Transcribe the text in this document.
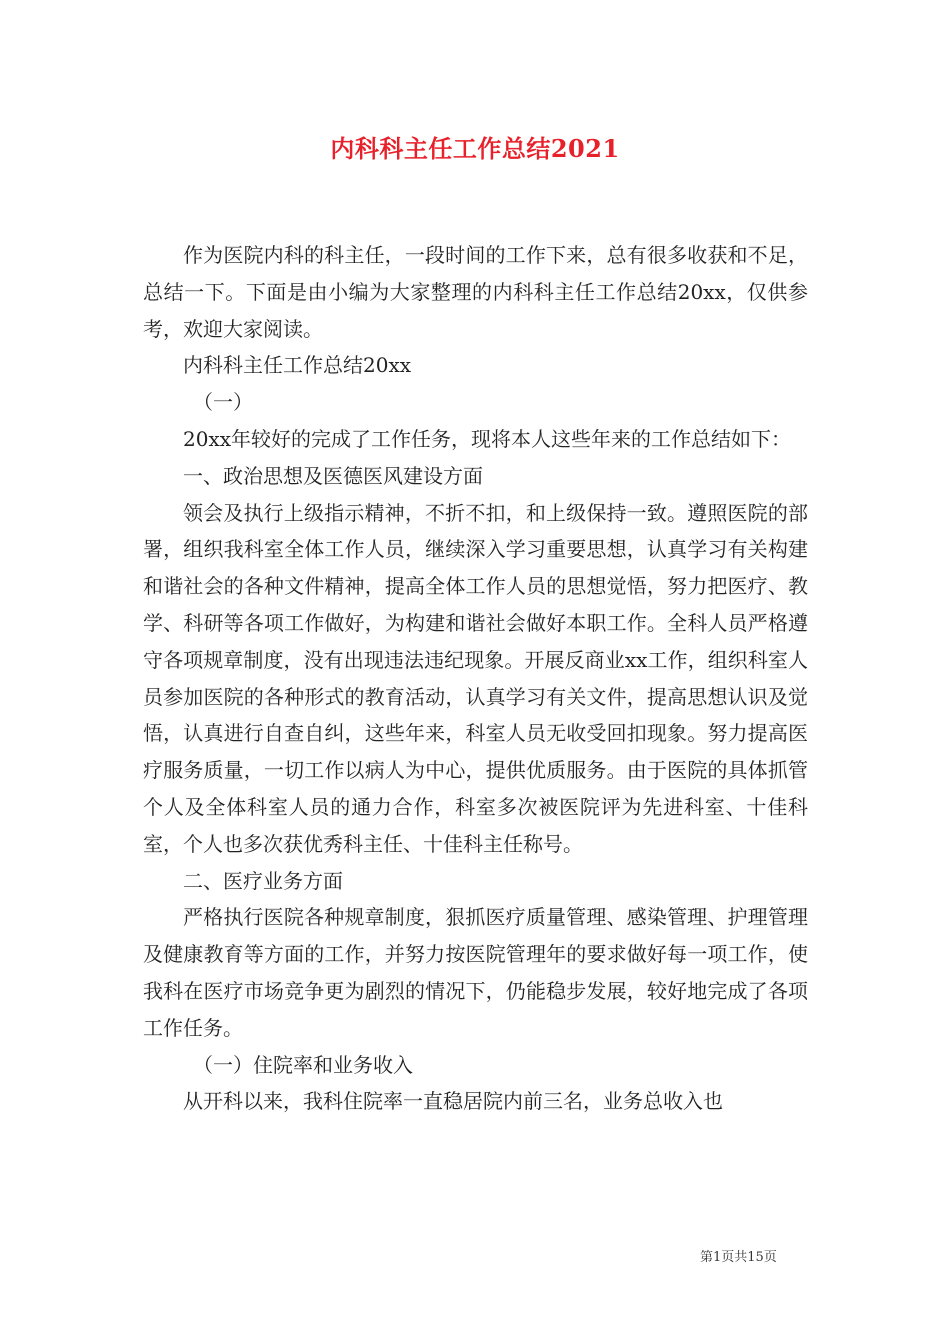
内科科主任工作总结2021

作为医院内科的科主任，一段时间的工作下来，总有很多收获和不足，总结一下。下面是由小编为大家整理的内科科主任工作总结20xx，仅供参考，欢迎大家阅读。

内科科主任工作总结20xx

（一）

20xx年较好的完成了工作任务，现将本人这些年来的工作总结如下：

一、政治思想及医德医风建设方面

领会及执行上级指示精神，不折不扣，和上级保持一致。遵照医院的部署，组织我科室全体工作人员，继续深入学习重要思想，认真学习有关构建和谐社会的各种文件精神，提高全体工作人员的思想觉悟，努力把医疗、教学、科研等各项工作做好，为构建和谐社会做好本职工作。全科人员严格遵守各项规章制度，没有出现违法违纪现象。开展反商业xx工作，组织科室人员参加医院的各种形式的教育活动，认真学习有关文件，提高思想认识及觉悟，认真进行自查自纠，这些年来，科室人员无收受回扣现象。努力提高医疗服务质量，一切工作以病人为中心，提供优质服务。由于医院的具体抓管个人及全体科室人员的通力合作，科室多次被医院评为先进科室、十佳科室，个人也多次获优秀科主任、十佳科主任称号。

二、医疗业务方面

严格执行医院各种规章制度，狠抓医疗质量管理、感染管理、护理管理及健康教育等方面的工作，并努力按医院管理年的要求做好每一项工作，使我科在医疗市场竞争更为剧烈的情况下，仍能稳步发展，较好地完成了各项工作任务。

（一）住院率和业务收入

从开科以来，我科住院率一直稳居院内前三名，业务总收入也

第1页共15页
